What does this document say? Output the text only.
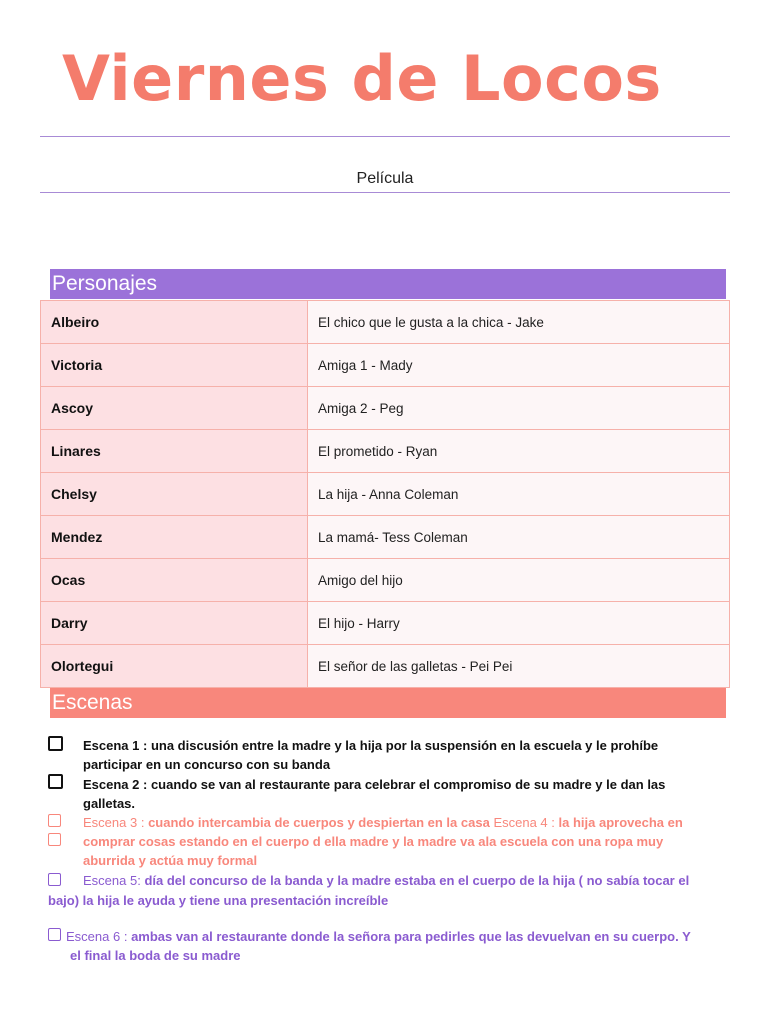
Viernes de Locos
Película
Personajes
Albeiro	El chico que le gusta a la chica - Jake
Victoria	Amiga 1 - Mady
Ascoy	Amiga 2 - Peg
Linares	El prometido - Ryan
Chelsy	La hija - Anna Coleman
Mendez	La mamá- Tess Coleman
Ocas	Amigo del hijo
Darry	El hijo - Harry
Olortegui	El señor de las galletas - Pei Pei
Escenas
Escena 1 : una discusión entre la madre y la hija por la suspensión en la escuela y le prohíbe
participar en un concurso con su banda
Escena 2 : cuando se van al restaurante para celebrar el compromiso de su madre y le dan las
galletas.
Escena 3 : cuando intercambia de cuerpos y despiertan en la casa Escena 4 : la hija aprovecha en
comprar cosas estando en el cuerpo d ella madre y la madre va ala escuela con una ropa muy
aburrida y actúa muy formal
Escena 5: día del concurso de la banda y la madre estaba en el cuerpo de la hija ( no sabía tocar el
bajo) la hija le ayuda y tiene una presentación increíble
Escena 6 : ambas van al restaurante donde la señora para pedirles que las devuelvan en su cuerpo. Y
el final la boda de su madre
